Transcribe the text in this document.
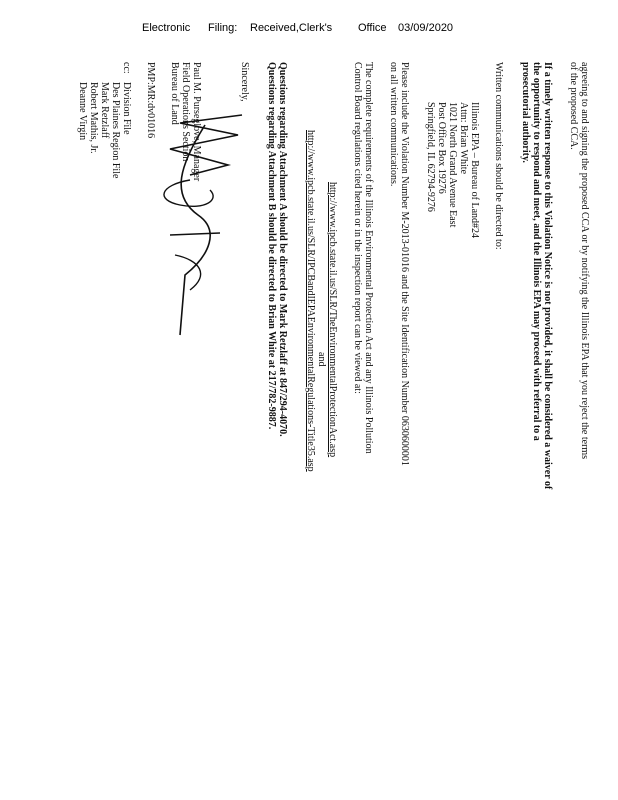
Electronic Filing: Received,Clerk's Office 03/09/2020
agreeing to and signing the proposed CCA or by notifying the Illinois EPA that you reject the terms
of the proposed CCA.
If a timely written response to this Violation Notice is not provided, it shall be considered a waiver of
the opportunity to respond and meet, and the Illinois EPA may proceed with referral to a
prosecutorial authority.
Written communications should be directed to:
Illinois EPA – Bureau of Land#24
Attn: Brian White
1021 North Grand Avenue East
Post Office Box 19276
Springfield, IL 62794-9276
Please include the Violation Number M-2013-01016 and the Site Identification Number 0630600001
on all written communications.
The complete requirements of the Illinois Environmental Protection Act and any Illinois Pollution
Control Board regulations cited herein or in the inspection report can be viewed at:
http://www.ipcb.state.il.us/SLR/TheEnvironmentalProtectionAct.asp
and
http://www.ipcb.state.il.us/SLR/IPCBandIEPAEnvironmentalRegulations-Title35.asp
Questions regarding Attachment A should be directed to Mark Retzlaff at 847/294-4070.
Questions regarding Attachment B should be directed to Brian White at 217/782-9887.
Sincerely,
Paul M. Purseglove, Manager
Field Operations Section
Bureau of Land
PMP:MR:dv01016
cc:
Division File
Des Plaines Region File
Mark Retzlaff
Robert Mathis, Jr.
Deanne Virgin
